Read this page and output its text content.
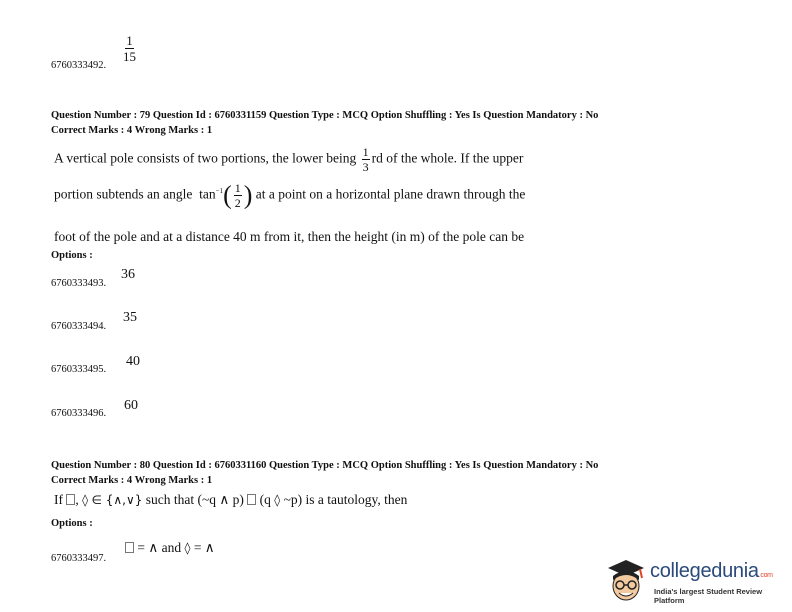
$\frac{1}{15}$
6760333492.
Question Number : 79 Question Id : 6760331159 Question Type : MCQ Option Shuffling : Yes Is Question Mandatory : No
Correct Marks : 4 Wrong Marks : 1
A vertical pole consists of two portions, the lower being $\frac{1}{3}$ rd of the whole. If the upper
portion subtends an angle $\tan^{-1}( \frac{1}{2}$ ) at a point on a horizontal plane drawn through the
foot of the pole and at a distance 40 m from it, then the height (in m) of the pole can be
Options :
36
6760333493.
35
6760333494.
40
6760333495.
60
6760333496.
Question Number : 80 Question Id : 6760331160 Question Type : MCQ Option Shuffling : Yes Is Question Mandatory : No
Correct Marks : 4 Wrong Marks : 1
If , ◊ ∈ {∧,∨} such that (~q ∧ p) (q ◊ ~p) is a tautology, then
Options :
= ∧ and ◊ = ∧
6760333497.
collegedunia.com
India's largest Student Review Platform
